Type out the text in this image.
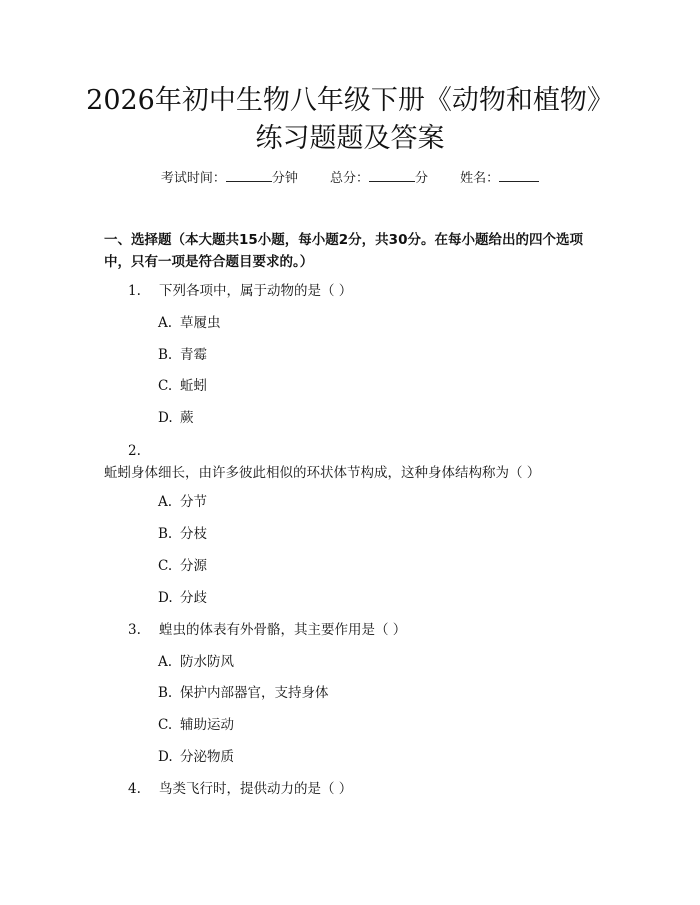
2026年初中生物八年级下册《动物和植物》
练习题题及答案
考试时间：	分钟 总分：	分 姓名：
一、选择题（本大题共15小题，每小题2分，共30分。在每小题给出的四个选项中，只有一项是符合题目要求的。）
1. 下列各项中，属于动物的是（ ）
A. 草履虫
B. 青霉
C. 蚯蚓
D. 蕨
2.蚯蚓身体细长，由许多彼此相似的环状体节构成，这种身体结构称为（ ）
A. 分节
B. 分枝
C. 分源
D. 分歧
3. 蝗虫的体表有外骨骼，其主要作用是（ ）
A. 防水防风
B. 保护内部器官，支持身体
C. 辅助运动
D. 分泌物质
4. 鸟类飞行时，提供动力的是（ ）
